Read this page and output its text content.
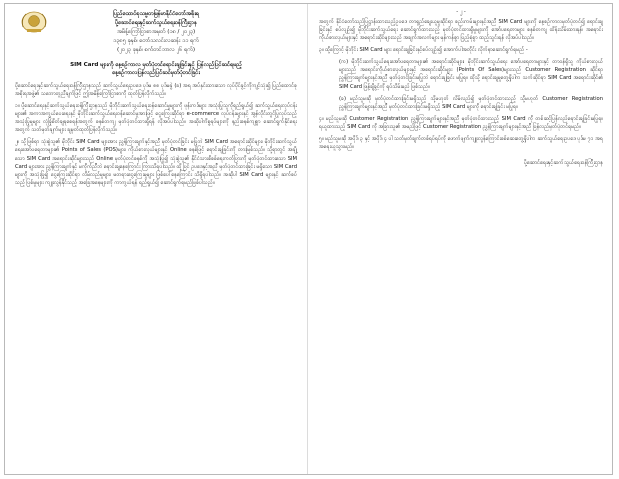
ပြည်ထောင်စုသမ္မတမြန်မာနိုင်ငံတော်အစိုးရ
ပို့ဆောင်ရေးနှင့်ဆက်သွယ်ရေးဝန်ကြီးဌာန
အမိန့်ကြော်ငြာစာအမှတ် (၁၈ / ၂၀၂၃)
၁၃၈၅ ခုနှစ်၊ တော်သလင်းလဆန်း ၁၁ ရက်
(၂၀၂၃ ခုနှစ်၊ စက်တင်ဘာလ ၂၆ ရက်)
SIM Card များကို နေ့စဉ်ကာလ မှတ်ပုံတင်ရောင်းချခြင်းနှင့် ပြန်လည်ပြင်ဆင်ရမည့်
နေ့စဉ်ကာလပြန်လည်ပြင်ဆင်မှတ်ပုံတင်ခြင်း

ပို့ဆောင်ရေးနှင့်ဆက်သွယ်ရေးဝန်ကြီးဌာနသည် ဆက်သွယ်ရေးဥပဒေ ပုဒ်မ ၈၈ ပုဒ်မခွဲ (ခ) အရ အပ်နှင်းထားသော လုပ်ပိုင်ခွင့်ကိုကျင့်သုံး၍ ပြည်ထောင်စုအစိုးရအဖွဲ့၏ သဘောတူညီချက်ဖြင့် ဤအမိန့်ကြော်ငြာစာကို ထုတ်ပြန်လိုက်သည်။

၁။ ပို့ဆောင်ရေးနှင့်ဆက်သွယ်ရေးဝန်ကြီးဌာနသည် မိုဘိုင်းဆက်သွယ်ရေးဝန်ဆောင်မှုများကို ဖုန်းကဒ်များ အသုံးပြုသူကိုရည်ရွယ်၍ ဆက်သွယ်ရေးလုပ်ငန်းများ၏ အကာအကွယ်ပေးရေးနှင့် မိုဘိုင်းဆက်သွယ်ရေးဝန်ဆောင်မှုအားဖြင့် ငွေကြေးဆိုင်ရာ e-commerce လုပ်ငန်းများနှင့် အွန်လိုင်းတွင်ပြုလုပ်သည့် အသုံးပြုမှုများ လုံခြုံစိတ်ချရစေရန်အတွက် စနစ်တကျ မှတ်ပုံတင်ထားရှိရန် လိုအပ်ပါသည်။ အဆိုပါကိစ္စရပ်များကို နည်းစနစ်ကျစွာ ဆောင်ရွက်နိုင်ရေးအတွက် သတ်မှတ်ချက်များ ချမှတ်ထုတ်ပြန်လိုက်သည်။

၂။ သို့ဖြစ်ရာ သုံးစွဲသူ၏ မိုဘိုင်း SIM Card များအား ညွှန်ကြားချက်နှင့်အညီ မှတ်ပုံတင်ခြင်း မပြုဘဲ SIM Card အရောင်းဆိုင်များ၊ မိုဘိုင်းဆက်သွယ်ရေးအော်ပရေတာများ၏ Points of Sales (POS)များ၊ ကိုယ်စားလှယ်များနှင့် Online စနစ်ဖြင့် ရောင်းချခြင်းကို တားမြစ်သည်။ သို့ရာတွင် အချို့သော SIM Card အရောင်းဆိုင်များသည် Online မှတ်ပုံတင်စနစ်ကို အသုံးပြု၍ သုံးစွဲသူ၏ နိုင်ငံသားစိစစ်ရေးကတ်ပြားကို မှတ်ပုံတင်ထားသော SIM Card များအား ညွှန်ကြားချက်နှင့် မကိုက်ညီဘဲ ရောင်းချနေကြောင်း ကြားသိရပါသည်။ ထို့ပြင် ဥပဒေနှင့်အညီ မှတ်ပုံတင်ထားခြင်း မရှိသော SIM Card များကို အသုံးပြု၍ ငွေကြေးဆိုင်ရာ လိမ်လည်မှုများ၊ မတရားငွေကြေးမှုများ ဖြစ်ပေါ်နေကြောင်း သိရှိရပါသည်။ အဆိုပါ SIM Card များနှင့် ဆက်စပ်သည့် ပြစ်မှုများ ကျူးလွန်နိုင်သည့် အခြေအနေများကို ကာကွယ်ရန် ရည်ရွယ်၍ ဆောင်ရွက်ရမည်ဖြစ်ပါသည်။

- ၂ -

အတွက် နိုင်ငံတော်သည်ပြဋ္ဌာန်းထားသည့်ဥပဒေ တာရှည်ချေးယူမှုဆိုင်ရာ စည်းကမ်းများနှင့်အညီ SIM Card များကို နေ့စဉ်ကာလမှတ်ပုံတင်၍ ရောင်းချခြင်းနှင့် စပ်လျဉ်း၍ မိုဘိုင်းဆက်သွယ်ရေး ဆောင်ရွက်ထားသည့် မှတ်ပုံတင်ထားရှိမှုများကို အော်ပရေတာများ စနစ်တကျ ထိန်းသိမ်းထားရန်၊ အရောင်းကိုယ်စားလှယ်များနှင့် အရောင်းဆိုင်များသည် အချက်အလက်များ မှန်ကန်စွာ ပြည့်စုံစွာ ထည့်သွင်းရန် လိုအပ်ပါသည်။

၃။ ထို့ကြောင့် မိုဘိုင်း SIM Card များ ရောင်းချခြင်းနှင့်စပ်လျဉ်း၍ အောက်ပါအတိုင်း လိုက်နာဆောင်ရွက်ရမည် -

(က) မိုဘိုင်းဆက်သွယ်ရေးအော်ပရေတာများ၏ အရောင်းဆိုင်များ၊ မိုဘိုင်းဆက်သွယ်ရေး အော်ပရေတာများနှင့် တာဝန်ရှိသူ ကိုယ်စားလှယ်များသည် အရောင်းကိုယ်စားလှယ်များနှင့် အရောင်းဆိုင်များ (Points Of Sales)များသည် Customer Registration ဆိုင်ရာ ညွှန်ကြားချက်များနှင့်အညီ မှတ်ပုံတင်ခြင်းမပြုဘဲ ရောင်းချခြင်း မပြုရ။ ထိုသို့ ရောင်းချမှုတွေ့ရှိပါက သက်ဆိုင်ရာ SIM Card အရောင်းဆိုင်၏ SIM Card ဖြန့်ချိခွင့်ကို ရုပ်သိမ်းမည် ဖြစ်သည်။

(ခ) မည်သူမဆို မှတ်ပုံတင်ထားခြင်းမရှိသည့် သို့မဟုတ် လိမ်လည်၍ မှတ်ပုံတင်ထားသည့် သို့မဟုတ် Customer Registration ညွှန်ကြားချက်များနှင့်အညီ မှတ်ပုံတင်ထားခြင်းမရှိသည့် SIM Card များကို ရောင်းချခြင်း မပြုရ။

၄။ မည်သူမဆို Customer Registration ညွှန်ကြားချက်များနှင့်အညီ မှတ်ပုံတင်ထားသည့် SIM Card ကို တစ်ဆင့်ပြန်လည်ရောင်းချခြင်းမပြုရ။ ရယူထားသည့် SIM Card ကို အခြားသူ၏ အမည်ဖြင့် Customer Registration ညွှန်ကြားချက်များနှင့်အညီ ပြန်လည်မှတ်ပုံတင်ရမည်။

၅။ မည်သူမဆို အပိုဒ် ၃ နှင့် အပိုဒ် ၄ ပါ သတ်မှတ်ချက်တစ်ရပ်ရပ်ကို ဖောက်ဖျက်ကျူးလွန်ကြောင်းစစ်ဆေးတွေ့ရှိပါက ဆက်သွယ်ရေးဥပဒေ ပုဒ်မ ၇၁ အရ အရေးယူသွားမည်။

ပို့ဆောင်ရေးနှင့်ဆက်သွယ်ရေးဝန်ကြီးဌာန
